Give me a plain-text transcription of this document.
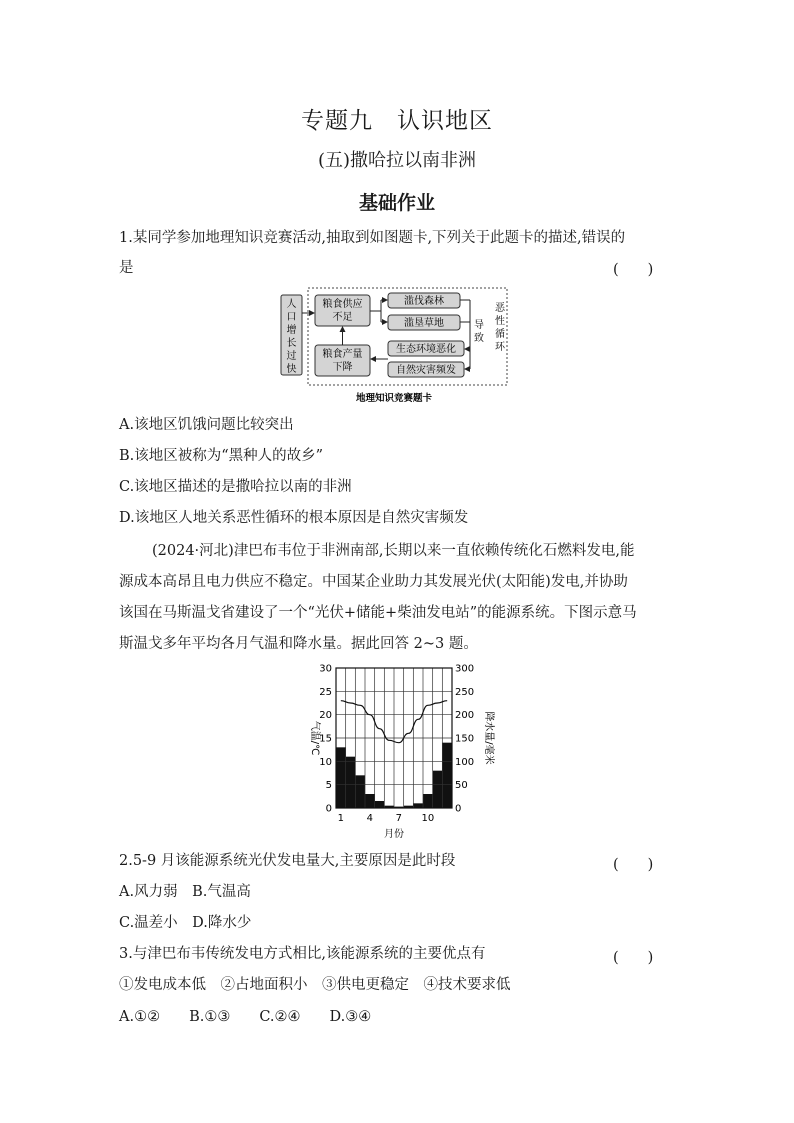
专题九　认识地区
(五)撒哈拉以南非洲
基础作业
1.某同学参加地理知识竞赛活动,抽取到如图题卡,下列关于此题卡的描述,错误的
是	(　　)
人口增长过快
粮食供应不足
滥伐森林
滥垦草地
生态环境恶化
自然灾害频发
粮食产量下降
导致
恶性循环
地理知识竞赛题卡
A.该地区饥饿问题比较突出
B.该地区被称为“黑种人的故乡”
C.该地区描述的是撒哈拉以南的非洲
D.该地区人地关系恶性循环的根本原因是自然灾害频发
(2024·河北)津巴布韦位于非洲南部,长期以来一直依赖传统化石燃料发电,能
源成本高昂且电力供应不稳定。中国某企业助力其发展光伏(太阳能)发电,并协助
该国在马斯温戈省建设了一个“光伏+储能+柴油发电站”的能源系统。下图示意马
斯温戈多年平均各月气温和降水量。据此回答 2~3 题。
0
5
10
15
20
25
30
0
50
100
150
200
250
300
1 4 7 10
月份
气温/℃	降水量/毫米
2.5-9 月该能源系统光伏发电量大,主要原因是此时段	(　　)
A.风力弱　B.气温高
C.温差小　D.降水少
3.与津巴布韦传统发电方式相比,该能源系统的主要优点有	(　　)
①发电成本低　②占地面积小　③供电更稳定　④技术要求低
A.①②　　B.①③　　C.②④　　D.③④
